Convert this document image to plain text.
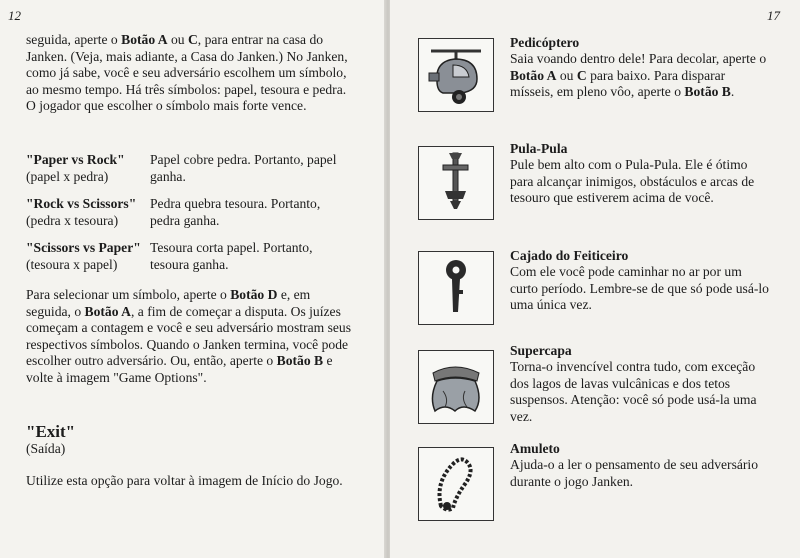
12

seguida, aperte o Botão A ou C, para entrar na casa do Janken. (Veja, mais adiante, a Casa do Janken.) No Janken, como já sabe, você e seu adversário escolhem um símbolo, ao mesmo tempo. Há três símbolos: papel, tesoura e pedra. O jogador que escolher o símbolo mais forte vence.

"Paper vs Rock"
(papel x pedra)
Papel cobre pedra. Portanto, papel ganha.
"Rock vs Scissors"
(pedra x tesoura)
Pedra quebra tesoura. Portanto, pedra ganha.
"Scissors vs Paper"
(tesoura x papel)
Tesoura corta papel. Portanto, tesoura ganha.

Para selecionar um símbolo, aperte o Botão D e, em seguida, o Botão A, a fim de começar a disputa. Os juízes começam a contagem e você e seu adversário mostram seus respectivos símbolos. Quando o Janken termina, você pode escolher outro adversário. Ou, então, aperte o Botão B e volte à imagem "Game Options".

"Exit"

(Saída)

Utilize esta opção para voltar à imagem de Início do Jogo.

17
Pedicóptero

Saia voando dentro dele! Para decolar, aperte o Botão A ou C para baixo. Para disparar mísseis, em pleno vôo, aperte o Botão B.

Pula-Pula

Pule bem alto com o Pula-Pula. Ele é ótimo para alcançar inimigos, obstáculos e arcas de tesouro que estiverem acima de você.

Cajado do Feiticeiro

Com ele você pode caminhar no ar por um curto período. Lembre-se de que só pode usá-lo uma única vez.

Supercapa

Torna-o invencível contra tudo, com exceção dos lagos de lavas vulcânicas e dos tetos suspensos. Atenção: você só pode usá-la uma vez.

Amuleto

Ajuda-o a ler o pensamento de seu adversário durante o jogo Janken.
